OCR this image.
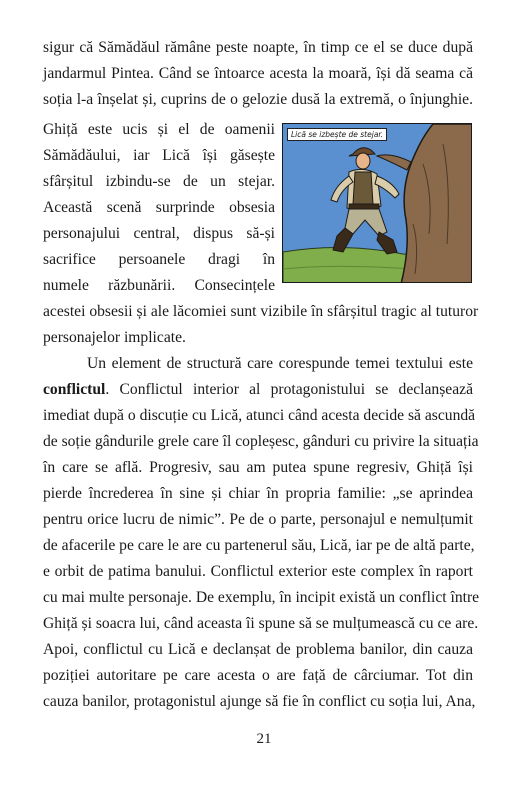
sigur că Sămădăul rămâne peste noapte, în timp ce el se duce după
jandarmul Pintea. Când se întoarce acesta la moară, își dă seama că
soția l-a înșelat și, cuprins de o gelozie dusă la extremă, o înjunghie.
Ghiță este ucis și el de oamenii
Sămădăului, iar Lică își găsește
sfârșitul izbindu-se de un stejar.
Această scenă surprinde obsesia
personajului central, dispus să-și
sacrifice persoanele dragi în
numele răzbunării. Consecințele
acestei obsesii și ale lăcomiei sunt vizibile în sfârșitul tragic al tuturor
personajelor implicate.
Lică se izbește de stejar.
Un element de structură care corespunde temei textului este
conflictul. Conflictul interior al protagonistului se declanșează
imediat după o discuție cu Lică, atunci când acesta decide să ascundă
de soție gândurile grele care îl copleșesc, gânduri cu privire la situația
în care se află. Progresiv, sau am putea spune regresiv, Ghiță își
pierde încrederea în sine și chiar în propria familie: „se aprindea
pentru orice lucru de nimic”. Pe de o parte, personajul e nemulțumit
de afacerile pe care le are cu partenerul său, Lică, iar pe de altă parte,
e orbit de patima banului. Conflictul exterior este complex în raport
cu mai multe personaje. De exemplu, în incipit există un conflict între
Ghiță și soacra lui, când aceasta îi spune să se mulțumească cu ce are.
Apoi, conflictul cu Lică e declanșat de problema banilor, din cauza
poziției autoritare pe care acesta o are față de cârciumar. Tot din
cauza banilor, protagonistul ajunge să fie în conflict cu soția lui, Ana,
21
